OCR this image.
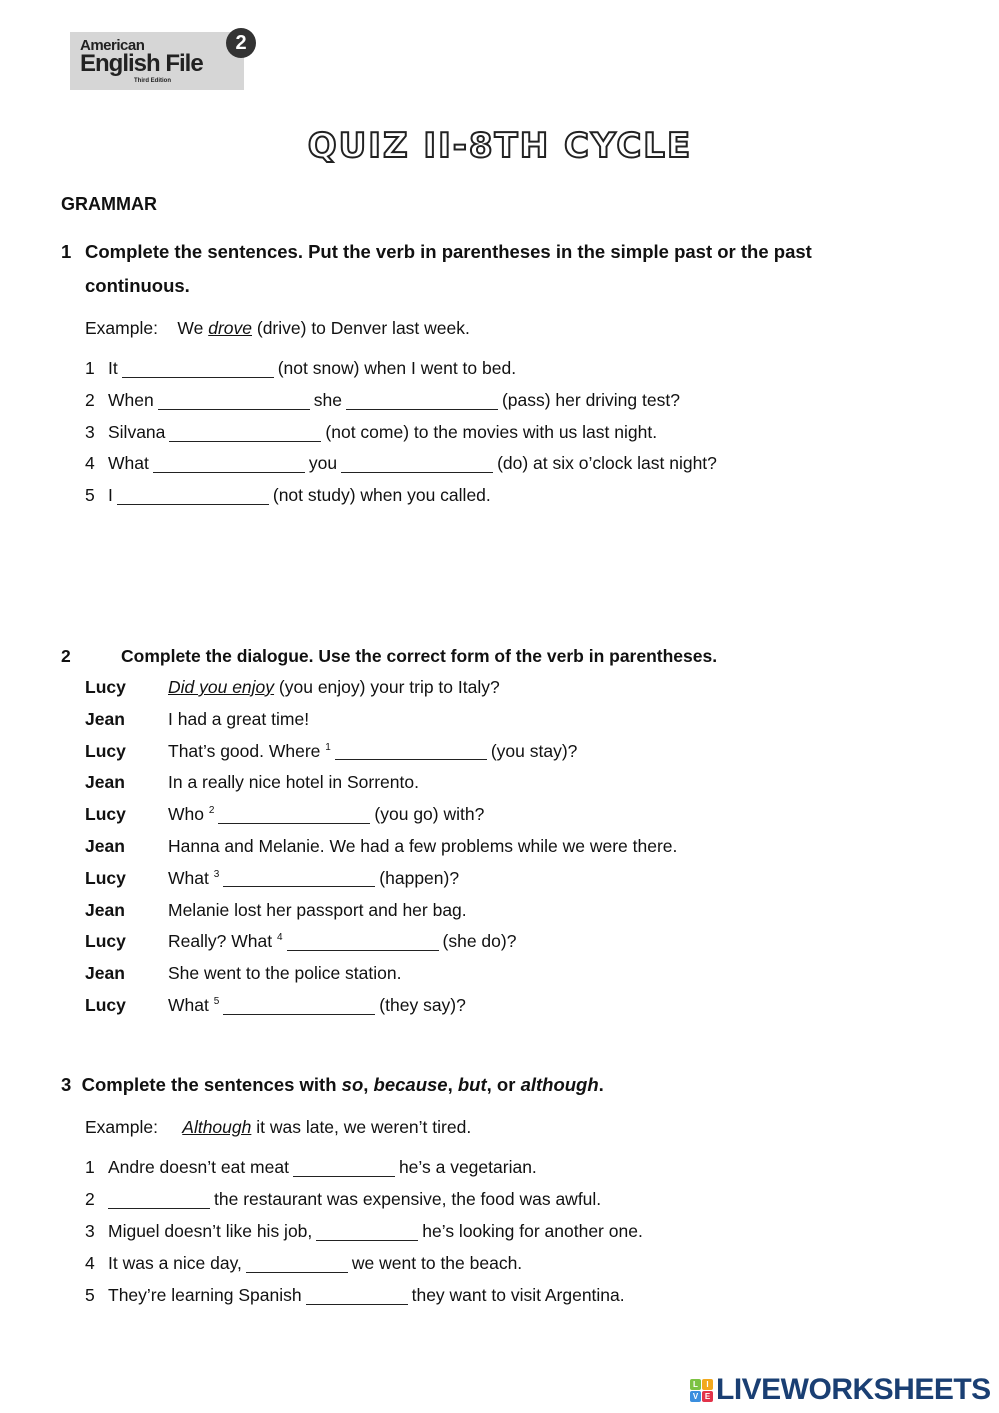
American
English File
Third Edition
2
QUIZ II-8TH CYCLE
GRAMMAR
1 Complete the sentences. Put the verb in parentheses in the simple past or the past
continuous.
Example: We drove (drive) to Denver last week.
1 It	(not snow) when I went to bed.
2 When	she	(pass) her driving test?
3 Silvana	(not come) to the movies with us last night.
4 What	you	(do) at six o’clock last night?
5 I	(not study) when you called.
2	Complete the dialogue. Use the correct form of the verb in parentheses.
Lucy Did you enjoy (you enjoy) your trip to Italy?
Jean I had a great time!
Lucy That’s good. Where $^1$	(you stay)?
Jean In a really nice hotel in Sorrento.
Lucy Who $^2$	(you go) with?
Jean Hanna and Melanie. We had a few problems while we were there.
Lucy What $^3$	(happen)?
Jean Melanie lost her passport and her bag.
Lucy Really? What $^4$	(she do)?
Jean She went to the police station.
Lucy What $^5$	(they say)?
3 Complete the sentences with so, because, but, or although.
Example: Although it was late, we weren’t tired.
1 Andre doesn’t eat meat	he’s a vegetarian.
2	the restaurant was expensive, the food was awful.
3 Miguel doesn’t like his job,	he’s looking for another one.
4 It was a nice day,	we went to the beach.
5 They’re learning Spanish	they want to visit Argentina.
L	I
V E LIVEWORKSHEETS
